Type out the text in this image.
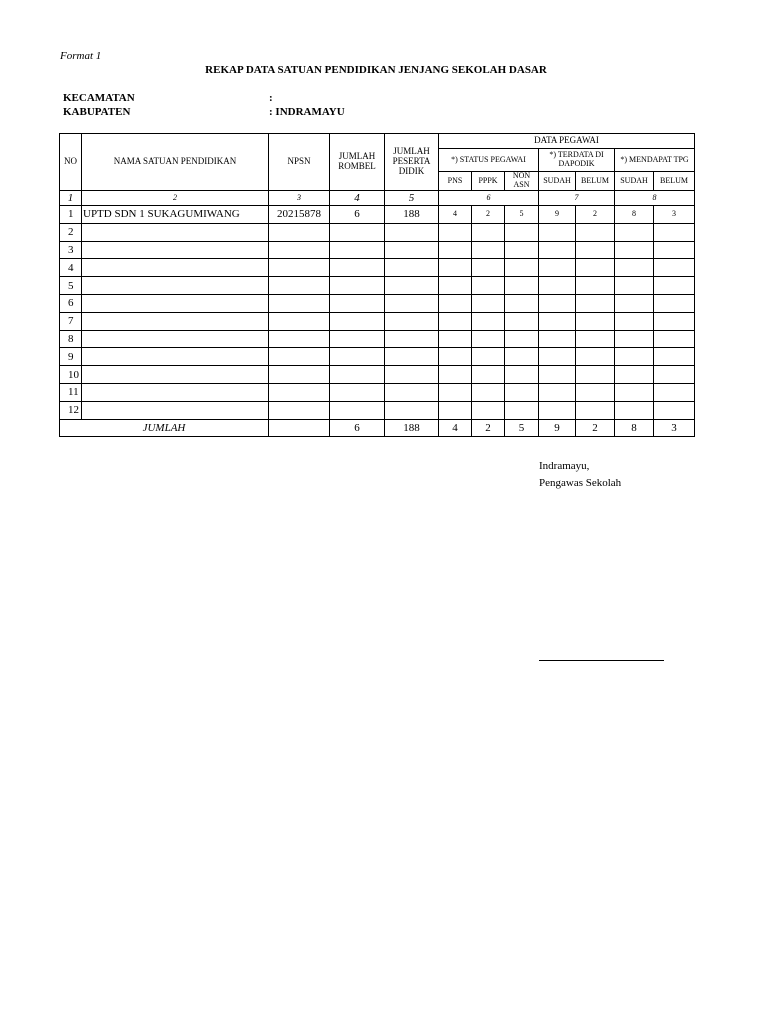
Format 1
REKAP DATA SATUAN PENDIDIKAN JENJANG SEKOLAH DASAR
KECAMATAN	:
KABUPATEN	: INDRAMAYU
NO	NAMA SATUAN PENDIDIKAN	NPSN	JUMLAH ROMBEL	JUMLAH PESERTA DIDIK	DATA PEGAWAI						
					*) STATUS PEGAWAI			*) TERDATA DI DAPODIK		*) MENDAPAT TPG	
					PNS	PPPK	NON ASN	SUDAH	BELUM	SUDAH	BELUM
1	2	3	4	5	6			7		8	
1	UPTD SDN 1 SUKAGUMIWANG	20215878	6	188	4	2	5	9	2	8	3
2											
3											
4											
5											
6											
7											
8											
9											
10											
11											
12											
JUMLAH			6	188	4	2	5	9	2	8	3
Indramayu,
Pengawas Sekolah
